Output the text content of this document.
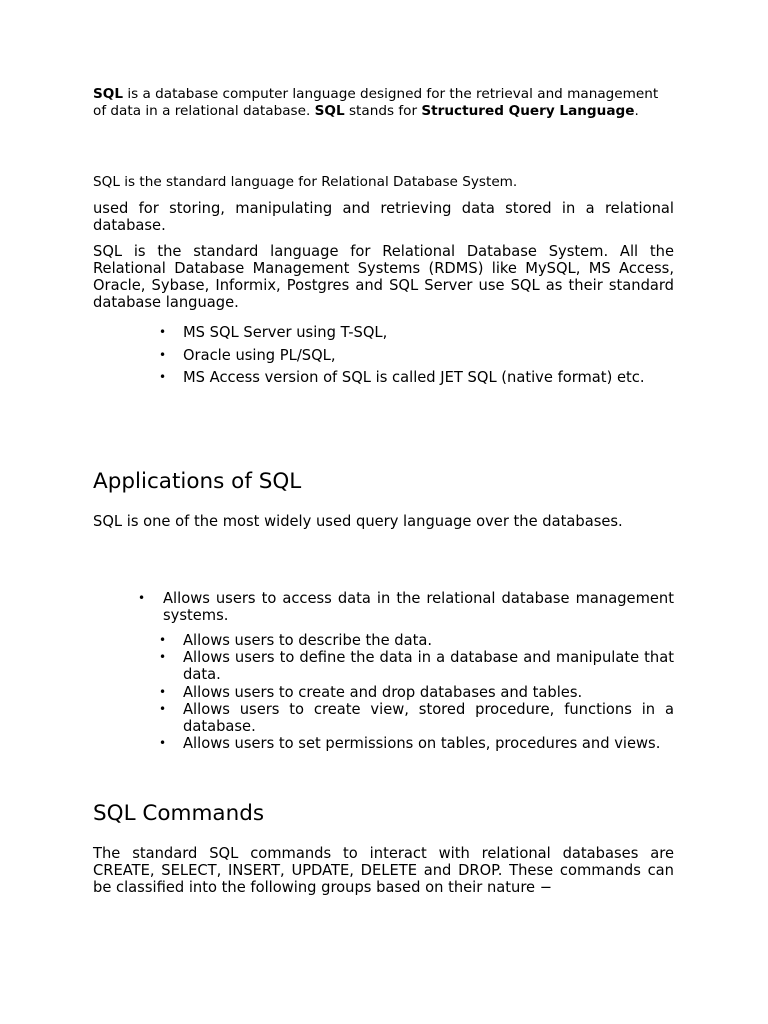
SQL is a database computer language designed for the retrieval and management of data in a relational database. SQL stands for Structured Query Language.

SQL is the standard language for Relational Database System.

used for storing, manipulating and retrieving data stored in a relational database.

SQL is the standard language for Relational Database System. All the Relational Database Management Systems (RDMS) like MySQL, MS Access, Oracle, Sybase, Informix, Postgres and SQL Server use SQL as their standard database language.

• MS SQL Server using T-SQL,
• Oracle using PL/SQL,
• MS Access version of SQL is called JET SQL (native format) etc.
Applications of SQL

SQL is one of the most widely used query language over the databases.

• Allows users to access data in the relational database management systems.
• Allows users to describe the data.
• Allows users to define the data in a database and manipulate that data.
• Allows users to create and drop databases and tables.
• Allows users to create view, stored procedure, functions in a database.
• Allows users to set permissions on tables, procedures and views.
SQL Commands

The standard SQL commands to interact with relational databases are CREATE, SELECT, INSERT, UPDATE, DELETE and DROP. These commands can be classified into the following groups based on their nature −
